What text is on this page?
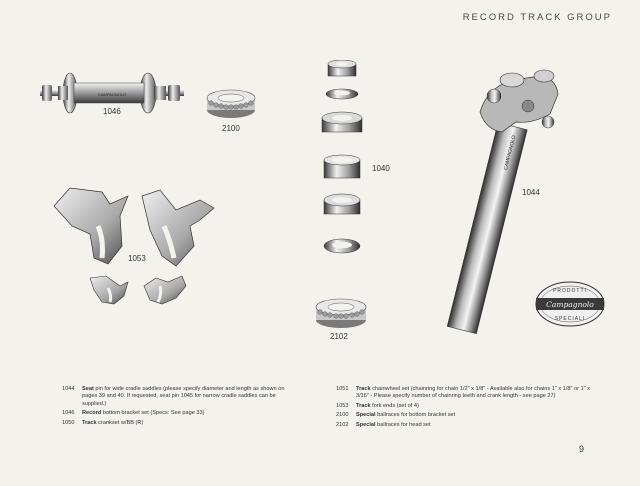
RECORD TRACK GROUP
CAMPAGNOLO
1046
2100
1053
1040
2102
CAMPAGNOLO
1044
PRODOTTI
Campagnolo
SPECIALI
1044	Seat pin for wide cradle saddles (please specify diameter and length as shown on pages 39 and 40. If requested, seat pin 1045 for narrow cradle saddles can be supplied.)
1046	Record bottom bracket set (Specs: See page 33)
1050	Track crankset w/BB (R)
1051	Track chainwheel set (chainring for chain 1/2" x 1/8" - Available also for chains 1" x 1/8" or 1" x 3/16" - Please specify number of chainring teeth and crank length - see page 27)
1053	Track fork ends (set of 4)
2100	Special ballraces for bottom bracket set
2102	Special ballraces for head set
9
